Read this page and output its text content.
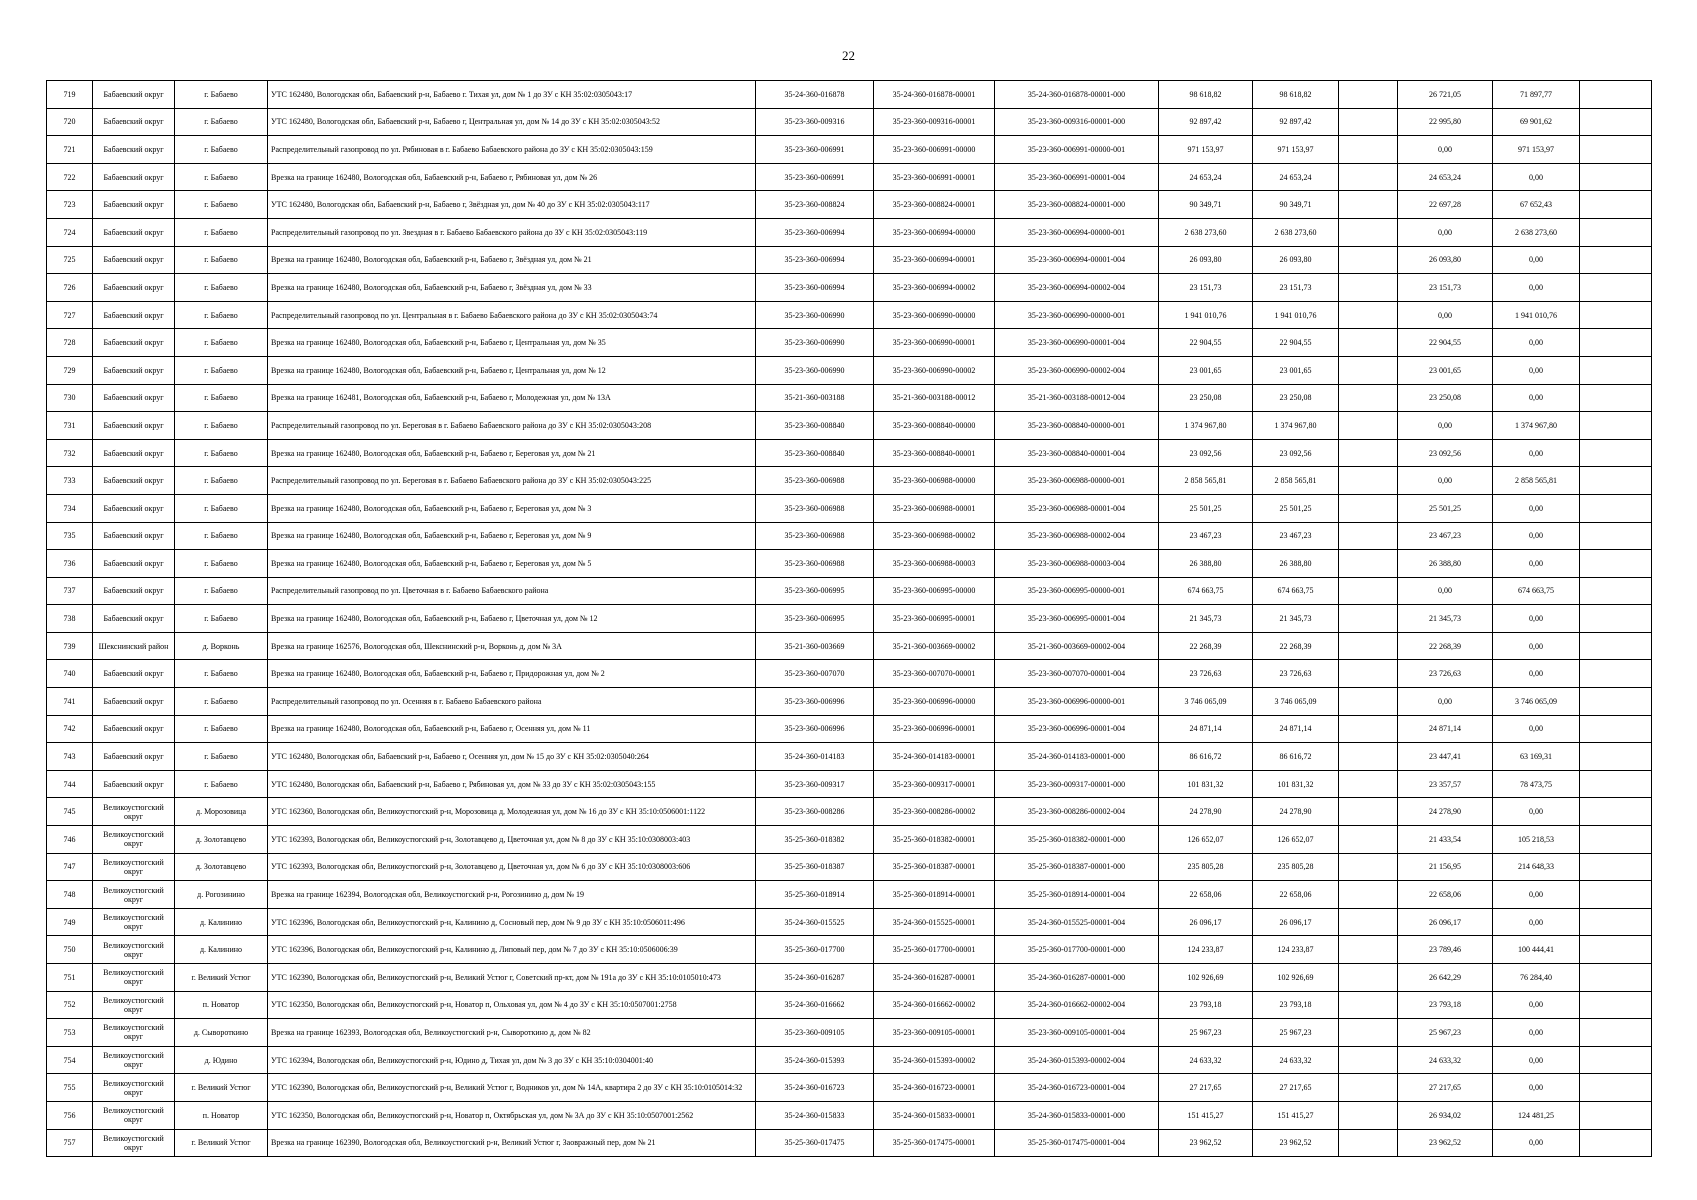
22
719	Бабаевский округ	г. Бабаево	УТС 162480, Вологодская обл, Бабаевский р-н, Бабаево г. Тихая ул, дом № 1 до ЗУ с КН 35:02:0305043:17	35-24-360-016878	35-24-360-016878-00001	35-24-360-016878-00001-000	98 618,82	98 618,82		26 721,05	71 897,77	
720	Бабаевский округ	г. Бабаево	УТС 162480, Вологодская обл, Бабаевский р-н, Бабаево г, Центральная ул, дом № 14 до ЗУ с КН 35:02:0305043:52	35-23-360-009316	35-23-360-009316-00001	35-23-360-009316-00001-000	92 897,42	92 897,42		22 995,80	69 901,62	
721	Бабаевский округ	г. Бабаево	Распределительный газопровод по ул. Рябиновая в г. Бабаево Бабаевского района до ЗУ с КН 35:02:0305043:159	35-23-360-006991	35-23-360-006991-00000	35-23-360-006991-00000-001	971 153,97	971 153,97		0,00	971 153,97	
722	Бабаевский округ	г. Бабаево	Врезка на границе 162480, Вологодская обл, Бабаевский р-н, Бабаево г, Рябиновая ул, дом № 26	35-23-360-006991	35-23-360-006991-00001	35-23-360-006991-00001-004	24 653,24	24 653,24		24 653,24	0,00	
723	Бабаевский округ	г. Бабаево	УТС 162480, Вологодская обл, Бабаевский р-н, Бабаево г, Звёздная ул, дом № 40 до ЗУ с КН 35:02:0305043:117	35-23-360-008824	35-23-360-008824-00001	35-23-360-008824-00001-000	90 349,71	90 349,71		22 697,28	67 652,43	
724	Бабаевский округ	г. Бабаево	Распределительный газопровод по ул. Звездная в г. Бабаево Бабаевского района до ЗУ с КН 35:02:0305043:119	35-23-360-006994	35-23-360-006994-00000	35-23-360-006994-00000-001	2 638 273,60	2 638 273,60		0,00	2 638 273,60	
725	Бабаевский округ	г. Бабаево	Врезка на границе 162480, Вологодская обл, Бабаевский р-н, Бабаево г, Звёздная ул, дом № 21	35-23-360-006994	35-23-360-006994-00001	35-23-360-006994-00001-004	26 093,80	26 093,80		26 093,80	0,00	
726	Бабаевский округ	г. Бабаево	Врезка на границе 162480, Вологодская обл, Бабаевский р-н, Бабаево г, Звёздная ул, дом № 33	35-23-360-006994	35-23-360-006994-00002	35-23-360-006994-00002-004	23 151,73	23 151,73		23 151,73	0,00	
727	Бабаевский округ	г. Бабаево	Распределительный газопровод по ул. Центральная в г. Бабаево Бабаевского района до ЗУ с КН 35:02:0305043:74	35-23-360-006990	35-23-360-006990-00000	35-23-360-006990-00000-001	1 941 010,76	1 941 010,76		0,00	1 941 010,76	
728	Бабаевский округ	г. Бабаево	Врезка на границе 162480, Вологодская обл, Бабаевский р-н, Бабаево г, Центральная ул, дом № 35	35-23-360-006990	35-23-360-006990-00001	35-23-360-006990-00001-004	22 904,55	22 904,55		22 904,55	0,00	
729	Бабаевский округ	г. Бабаево	Врезка на границе 162480, Вологодская обл, Бабаевский р-н, Бабаево г, Центральная ул, дом № 12	35-23-360-006990	35-23-360-006990-00002	35-23-360-006990-00002-004	23 001,65	23 001,65		23 001,65	0,00	
730	Бабаевский округ	г. Бабаево	Врезка на границе 162481, Вологодская обл, Бабаевский р-н, Бабаево г, Молодежная ул, дом № 13А	35-21-360-003188	35-21-360-003188-00012	35-21-360-003188-00012-004	23 250,08	23 250,08		23 250,08	0,00	
731	Бабаевский округ	г. Бабаево	Распределительный газопровод по ул. Береговая в г. Бабаево Бабаевского района до ЗУ с КН 35:02:0305043:208	35-23-360-008840	35-23-360-008840-00000	35-23-360-008840-00000-001	1 374 967,80	1 374 967,80		0,00	1 374 967,80	
732	Бабаевский округ	г. Бабаево	Врезка на границе 162480, Вологодская обл, Бабаевский р-н, Бабаево г, Береговая ул, дом № 21	35-23-360-008840	35-23-360-008840-00001	35-23-360-008840-00001-004	23 092,56	23 092,56		23 092,56	0,00	
733	Бабаевский округ	г. Бабаево	Распределительный газопровод по ул. Береговая в г. Бабаево Бабаевского района до ЗУ с КН 35:02:0305043:225	35-23-360-006988	35-23-360-006988-00000	35-23-360-006988-00000-001	2 858 565,81	2 858 565,81		0,00	2 858 565,81	
734	Бабаевский округ	г. Бабаево	Врезка на границе 162480, Вологодская обл, Бабаевский р-н, Бабаево г, Береговая ул, дом № 3	35-23-360-006988	35-23-360-006988-00001	35-23-360-006988-00001-004	25 501,25	25 501,25		25 501,25	0,00	
735	Бабаевский округ	г. Бабаево	Врезка на границе 162480, Вологодская обл, Бабаевский р-н, Бабаево г, Береговая ул, дом № 9	35-23-360-006988	35-23-360-006988-00002	35-23-360-006988-00002-004	23 467,23	23 467,23		23 467,23	0,00	
736	Бабаевский округ	г. Бабаево	Врезка на границе 162480, Вологодская обл, Бабаевский р-н, Бабаево г, Береговая ул, дом № 5	35-23-360-006988	35-23-360-006988-00003	35-23-360-006988-00003-004	26 388,80	26 388,80		26 388,80	0,00	
737	Бабаевский округ	г. Бабаево	Распределительный газопровод по ул. Цветочная в г. Бабаево Бабаевского района	35-23-360-006995	35-23-360-006995-00000	35-23-360-006995-00000-001	674 663,75	674 663,75		0,00	674 663,75	
738	Бабаевский округ	г. Бабаево	Врезка на границе 162480, Вологодская обл, Бабаевский р-н, Бабаево г, Цветочная ул, дом № 12	35-23-360-006995	35-23-360-006995-00001	35-23-360-006995-00001-004	21 345,73	21 345,73		21 345,73	0,00	
739	Шекснинский район	д. Ворконь	Врезка на границе 162576, Вологодская обл, Шекснинский р-н, Ворконь д, дом № 3А	35-21-360-003669	35-21-360-003669-00002	35-21-360-003669-00002-004	22 268,39	22 268,39		22 268,39	0,00	
740	Бабаевский округ	г. Бабаево	Врезка на границе 162480, Вологодская обл, Бабаевский р-н, Бабаево г, Придорожная ул, дом № 2	35-23-360-007070	35-23-360-007070-00001	35-23-360-007070-00001-004	23 726,63	23 726,63		23 726,63	0,00	
741	Бабаевский округ	г. Бабаево	Распределительный газопровод по ул. Осенняя в г. Бабаево Бабаевского района	35-23-360-006996	35-23-360-006996-00000	35-23-360-006996-00000-001	3 746 065,09	3 746 065,09		0,00	3 746 065,09	
742	Бабаевский округ	г. Бабаево	Врезка на границе 162480, Вологодская обл, Бабаевский р-н, Бабаево г, Осенняя ул, дом № 11	35-23-360-006996	35-23-360-006996-00001	35-23-360-006996-00001-004	24 871,14	24 871,14		24 871,14	0,00	
743	Бабаевский округ	г. Бабаево	УТС 162480, Вологодская обл, Бабаевский р-н, Бабаево г, Осенняя ул, дом № 15 до ЗУ с КН 35:02:0305040:264	35-24-360-014183	35-24-360-014183-00001	35-24-360-014183-00001-000	86 616,72	86 616,72		23 447,41	63 169,31	
744	Бабаевский округ	г. Бабаево	УТС 162480, Вологодская обл, Бабаевский р-н, Бабаево г, Рябиновая ул, дом № 33 до ЗУ с КН 35:02:0305043:155	35-23-360-009317	35-23-360-009317-00001	35-23-360-009317-00001-000	101 831,32	101 831,32		23 357,57	78 473,75	
745	Великоустюгский округ	д. Морозовица	УТС 162360, Вологодская обл, Великоустюгский р-н, Морозовица д, Молодежная ул, дом № 16 до ЗУ с КН 35:10:0506001:1122	35-23-360-008286	35-23-360-008286-00002	35-23-360-008286-00002-004	24 278,90	24 278,90		24 278,90	0,00	
746	Великоустюгский округ	д. Золотавцево	УТС 162393, Вологодская обл, Великоустюгский р-н, Золотавцево д, Цветочная ул, дом № 8 до ЗУ с КН 35:10:0308003:403	35-25-360-018382	35-25-360-018382-00001	35-25-360-018382-00001-000	126 652,07	126 652,07		21 433,54	105 218,53	
747	Великоустюгский округ	д. Золотавцево	УТС 162393, Вологодская обл, Великоустюгский р-н, Золотавцево д, Цветочная ул, дом № 6 до ЗУ с КН 35:10:0308003:606	35-25-360-018387	35-25-360-018387-00001	35-25-360-018387-00001-000	235 805,28	235 805,28		21 156,95	214 648,33	
748	Великоустюгский округ	д. Рогозинино	Врезка на границе 162394, Вологодская обл, Великоустюгский р-н, Рогозинино д, дом № 19	35-25-360-018914	35-25-360-018914-00001	35-25-360-018914-00001-004	22 658,06	22 658,06		22 658,06	0,00	
749	Великоустюгский округ	д. Калинино	УТС 162396, Вологодская обл, Великоустюгский р-н, Калинино д, Сосновый пер, дом № 9 до ЗУ с КН 35:10:0506011:496	35-24-360-015525	35-24-360-015525-00001	35-24-360-015525-00001-004	26 096,17	26 096,17		26 096,17	0,00	
750	Великоустюгский округ	д. Калинино	УТС 162396, Вологодская обл, Великоустюгский р-н, Калинино д, Липовый пер, дом № 7 до ЗУ с КН 35:10:0506006:39	35-25-360-017700	35-25-360-017700-00001	35-25-360-017700-00001-000	124 233,87	124 233,87		23 789,46	100 444,41	
751	Великоустюгский округ	г. Великий Устюг	УТС 162390, Вологодская обл, Великоустюгский р-н, Великий Устюг г, Советский пр-кт, дом № 191а до ЗУ с КН 35:10:0105010:473	35-24-360-016287	35-24-360-016287-00001	35-24-360-016287-00001-000	102 926,69	102 926,69		26 642,29	76 284,40	
752	Великоустюгский округ	п. Новатор	УТС 162350, Вологодская обл, Великоустюгский р-н, Новатор п, Ольховая ул, дом № 4 до ЗУ с КН 35:10:0507001:2758	35-24-360-016662	35-24-360-016662-00002	35-24-360-016662-00002-004	23 793,18	23 793,18		23 793,18	0,00	
753	Великоустюгский округ	д. Сывороткино	Врезка на границе 162393, Вологодская обл, Великоустюгский р-н, Сывороткино д, дом № 82	35-23-360-009105	35-23-360-009105-00001	35-23-360-009105-00001-004	25 967,23	25 967,23		25 967,23	0,00	
754	Великоустюгский округ	д. Юдино	УТС 162394, Вологодская обл, Великоустюгский р-н, Юдино д, Тихая ул, дом № 3 до ЗУ с КН 35:10:0304001:40	35-24-360-015393	35-24-360-015393-00002	35-24-360-015393-00002-004	24 633,32	24 633,32		24 633,32	0,00	
755	Великоустюгский округ	г. Великий Устюг	УТС 162390, Вологодская обл, Великоустюгский р-н, Великий Устюг г, Водников ул, дом № 14А, квартира 2 до ЗУ с КН 35:10:0105014:32	35-24-360-016723	35-24-360-016723-00001	35-24-360-016723-00001-004	27 217,65	27 217,65		27 217,65	0,00	
756	Великоустюгский округ	п. Новатор	УТС 162350, Вологодская обл, Великоустюгский р-н, Новатор п, Октябрьская ул, дом № 3А до ЗУ с КН 35:10:0507001:2562	35-24-360-015833	35-24-360-015833-00001	35-24-360-015833-00001-000	151 415,27	151 415,27		26 934,02	124 481,25	
757	Великоустюгский округ	г. Великий Устюг	Врезка на границе 162390, Вологодская обл, Великоустюгский р-н, Великий Устюг г, Заовражный пер, дом № 21	35-25-360-017475	35-25-360-017475-00001	35-25-360-017475-00001-004	23 962,52	23 962,52		23 962,52	0,00	
